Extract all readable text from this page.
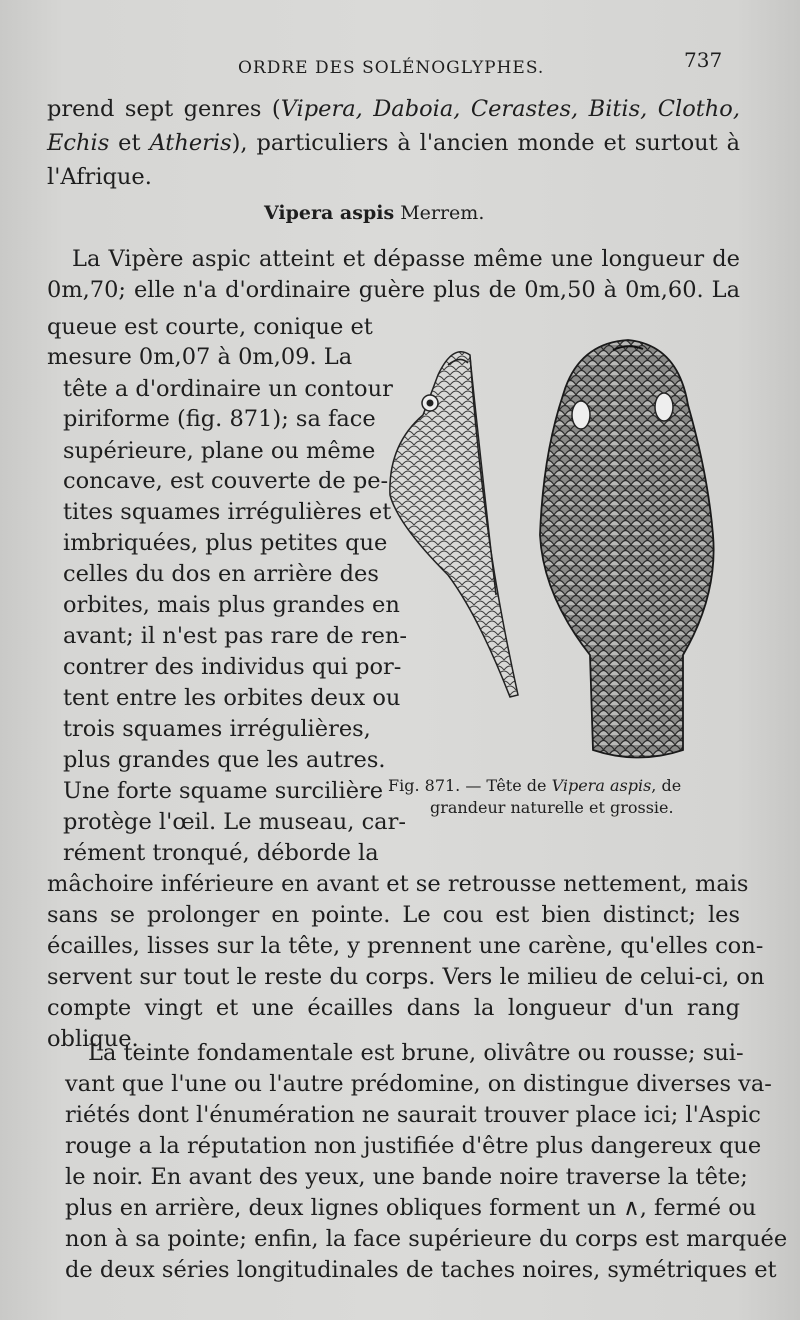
ORDRE DES SOLÉNOGLYPHES.	737
prend sept genres (Vipera, Daboia, Cerastes, Bitis, Clotho,
Echis et Atheris), particuliers à l'ancien monde et surtout à
l'Afrique.
Vipera aspis Merrem.
La Vipère aspic atteint et dépasse même une longueur de
0m,70; elle n'a d'ordinaire guère plus de 0m,50 à 0m,60. La
queue est courte, conique et
mesure 0m,07 à 0m,09. La
tête a d'ordinaire un contour
piriforme (fig. 871); sa face
supérieure, plane ou même
concave, est couverte de pe-
tites squames irrégulières et
imbriquées, plus petites que
celles du dos en arrière des
orbites, mais plus grandes en
avant; il n'est pas rare de ren-
contrer des individus qui por-
tent entre les orbites deux ou
trois squames irrégulières,
plus grandes que les autres.
Une forte squame surcilière
protège l'œil. Le museau, car-
rément tronqué, déborde la
mâchoire inférieure en avant et se retrousse nettement, mais
sans se prolonger en pointe. Le cou est bien distinct; les
écailles, lisses sur la tête, y prennent une carène, qu'elles con-
servent sur tout le reste du corps. Vers le milieu de celui-ci, on
compte vingt et une écailles dans la longueur d'un rang
oblique.
Fig. 871. — Tête de Vipera aspis, de
grandeur naturelle et grossie.
La teinte fondamentale est brune, olivâtre ou rousse; sui-
vant que l'une ou l'autre prédomine, on distingue diverses va-
riétés dont l'énumération ne saurait trouver place ici; l'Aspic
rouge a la réputation non justifiée d'être plus dangereux que
le noir. En avant des yeux, une bande noire traverse la tête;
plus en arrière, deux lignes obliques forment un ∧, fermé ou
non à sa pointe; enfin, la face supérieure du corps est marquée
de deux séries longitudinales de taches noires, symétriques et
